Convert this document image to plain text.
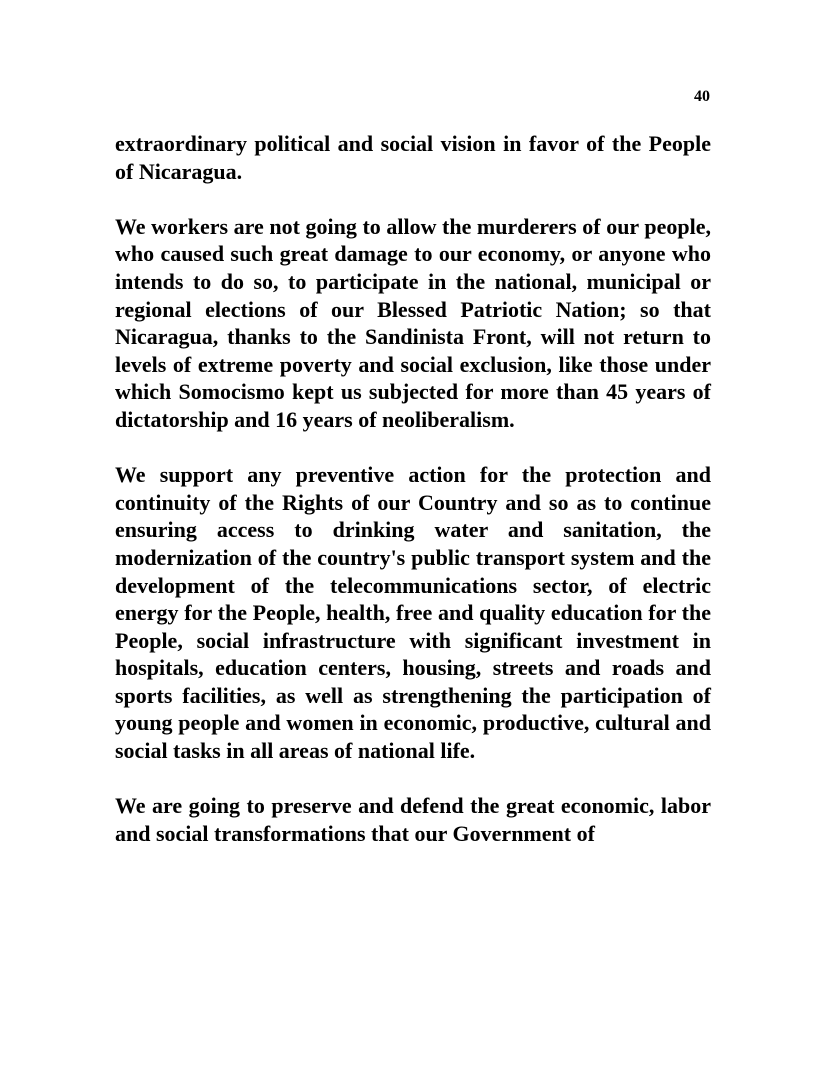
40

extraordinary political and social vision in favor of the People of Nicaragua.

We workers are not going to allow the murderers of our people, who caused such great damage to our economy, or anyone who intends to do so, to participate in the national, municipal or regional elections of our Blessed Patriotic Nation; so that Nicaragua, thanks to the Sandinista Front, will not return to levels of extreme poverty and social exclusion, like those under which Somocismo kept us subjected for more than 45 years of dictatorship and 16 years of neoliberalism.

We support any preventive action for the protection and continuity of the Rights of our Country and so as to continue ensuring access to drinking water and sanitation, the modernization of the country's public transport system and the development of the telecommunications sector, of electric energy for the People, health, free and quality education for the People, social infrastructure with significant investment in hospitals, education centers, housing, streets and roads and sports facilities, as well as strengthening the participation of young people and women in economic, productive, cultural and social tasks in all areas of national life.

We are going to preserve and defend the great economic, labor and social transformations that our Government of
